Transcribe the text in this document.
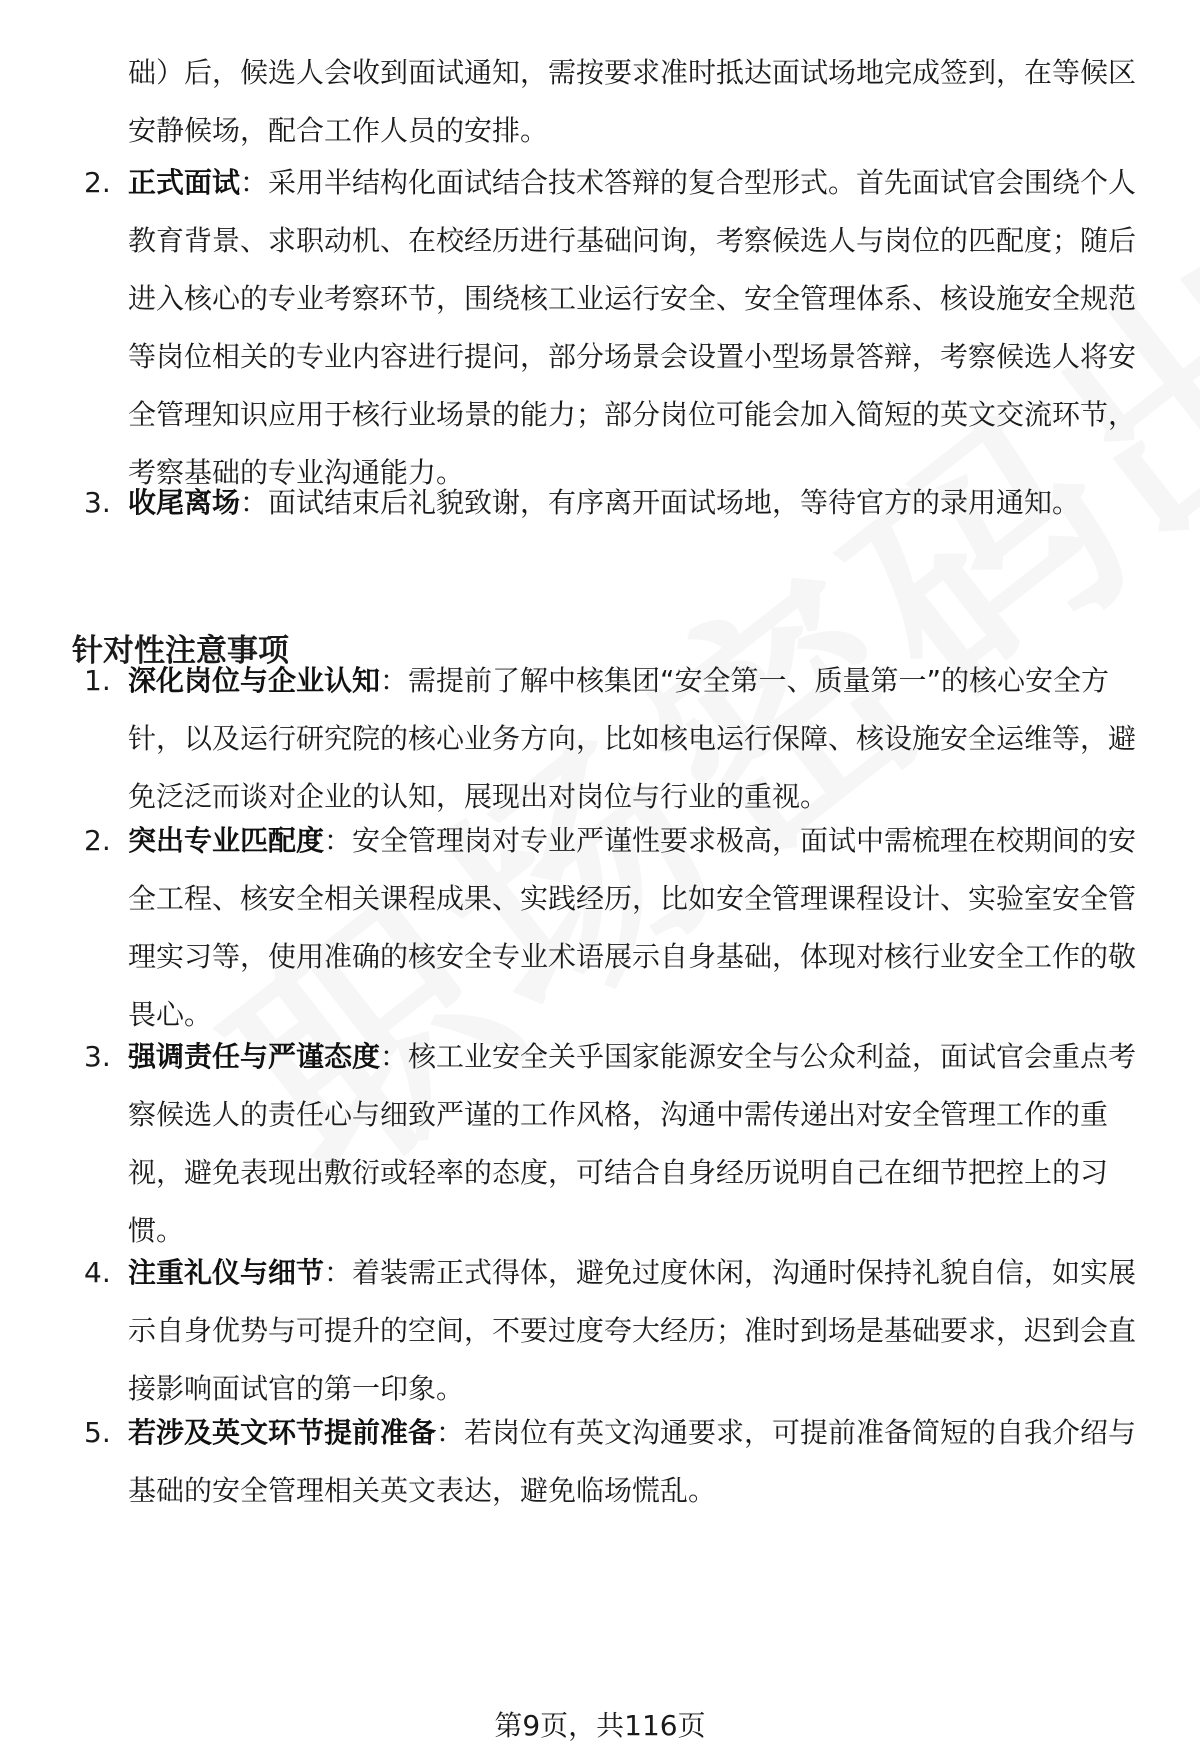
础）后，候选人会收到面试通知，需按要求准时抵达面试场地完成签到，在等候区安静候场，配合工作人员的安排。
2. 正式面试：采用半结构化面试结合技术答辩的复合型形式。首先面试官会围绕个人教育背景、求职动机、在校经历进行基础问询，考察候选人与岗位的匹配度；随后进入核心的专业考察环节，围绕核工业运行安全、安全管理体系、核设施安全规范等岗位相关的专业内容进行提问，部分场景会设置小型场景答辩，考察候选人将安全管理知识应用于核行业场景的能力；部分岗位可能会加入简短的英文交流环节，考察基础的专业沟通能力。
3. 收尾离场：面试结束后礼貌致谢，有序离开面试场地，等待官方的录用通知。
针对性注意事项
1. 深化岗位与企业认知：需提前了解中核集团“安全第一、质量第一”的核心安全方针，以及运行研究院的核心业务方向，比如核电运行保障、核设施安全运维等，避免泛泛而谈对企业的认知，展现出对岗位与行业的重视。
2. 突出专业匹配度：安全管理岗对专业严谨性要求极高，面试中需梳理在校期间的安全工程、核安全相关课程成果、实践经历，比如安全管理课程设计、实验室安全管理实习等，使用准确的核安全专业术语展示自身基础，体现对核行业安全工作的敬畏心。
3. 强调责任与严谨态度：核工业安全关乎国家能源安全与公众利益，面试官会重点考察候选人的责任心与细致严谨的工作风格，沟通中需传递出对安全管理工作的重视，避免表现出敷衍或轻率的态度，可结合自身经历说明自己在细节把控上的习惯。
4. 注重礼仪与细节：着装需正式得体，避免过度休闲，沟通时保持礼貌自信，如实展示自身优势与可提升的空间，不要过度夸大经历；准时到场是基础要求，迟到会直接影响面试官的第一印象。
5. 若涉及英文环节提前准备：若岗位有英文沟通要求，可提前准备简短的自我介绍与基础的安全管理相关英文表达，避免临场慌乱。
第9页，共116页
